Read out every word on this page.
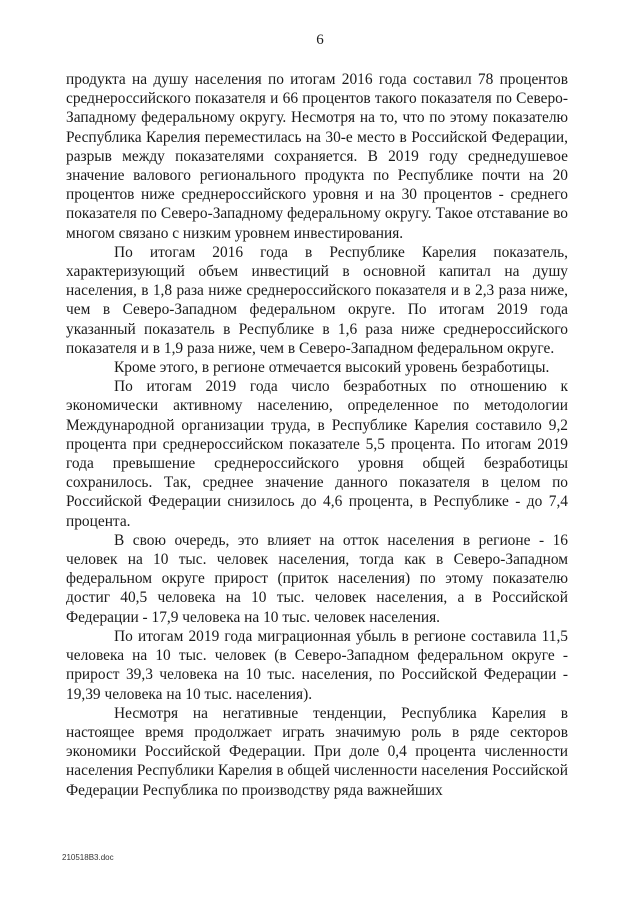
6

продукта на душу населения по итогам 2016 года составил 78 процентов среднероссийского показателя и 66 процентов такого показателя по Северо-Западному федеральному округу. Несмотря на то, что по этому показателю Республика Карелия переместилась на 30-е место в Российской Федерации, разрыв между показателями сохраняется. В 2019 году среднедушевое значение валового регионального продукта по Республике почти на 20 процентов ниже среднероссийского уровня и на 30 процентов - среднего показателя по Северо-Западному федеральному округу. Такое отставание во многом связано с низким уровнем инвестирования.

По итогам 2016 года в Республике Карелия показатель, характеризующий объем инвестиций в основной капитал на душу населения, в 1,8 раза ниже среднероссийского показателя и в 2,3 раза ниже, чем в Северо-Западном федеральном округе. По итогам 2019 года указанный показатель в Республике в 1,6 раза ниже среднероссийского показателя и в 1,9 раза ниже, чем в Северо-Западном федеральном округе.

Кроме этого, в регионе отмечается высокий уровень безработицы.

По итогам 2019 года число безработных по отношению к экономически активному населению, определенное по методологии Международной организации труда, в Республике Карелия составило 9,2 процента при среднероссийском показателе 5,5 процента. По итогам 2019 года превышение среднероссийского уровня общей безработицы сохранилось. Так, среднее значение данного показателя в целом по Российской Федерации снизилось до 4,6 процента, в Республике - до 7,4 процента.

В свою очередь, это влияет на отток населения в регионе - 16 человек на 10 тыс. человек населения, тогда как в Северо-Западном федеральном округе прирост (приток населения) по этому показателю достиг 40,5 человека на 10 тыс. человек населения, а в Российской Федерации - 17,9 человека на 10 тыс. человек населения.

По итогам 2019 года миграционная убыль в регионе составила 11,5 человека на 10 тыс. человек (в Северо-Западном федеральном округе - прирост 39,3 человека на 10 тыс. населения, по Российской Федерации - 19,39 человека на 10 тыс. населения).

Несмотря на негативные тенденции, Республика Карелия в настоящее время продолжает играть значимую роль в ряде секторов экономики Российской Федерации. При доле 0,4 процента численности населения Республики Карелия в общей численности населения Российской Федерации Республика по производству ряда важнейших

210518B3.doc
